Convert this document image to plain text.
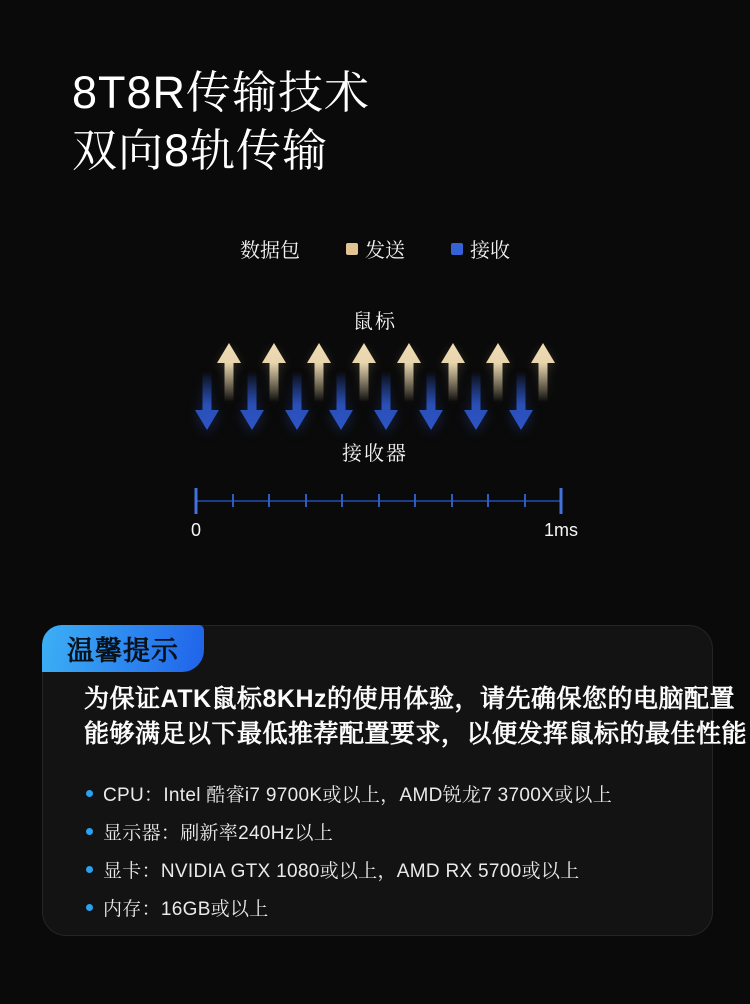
8T8R传输技术
双向8轨传输
数据包	发送	接收
鼠标
接收器
0	1ms
温馨提示
为保证ATK鼠标8KHz的使用体验，请先确保您的电脑配置
能够满足以下最低推荐配置要求，以便发挥鼠标的最佳性能
CPU：Intel 酷睿i7 9700K或以上，AMD锐龙7 3700X或以上
显示器：刷新率240Hz以上
显卡：NVIDIA GTX 1080或以上，AMD RX 5700或以上
内存：16GB或以上
